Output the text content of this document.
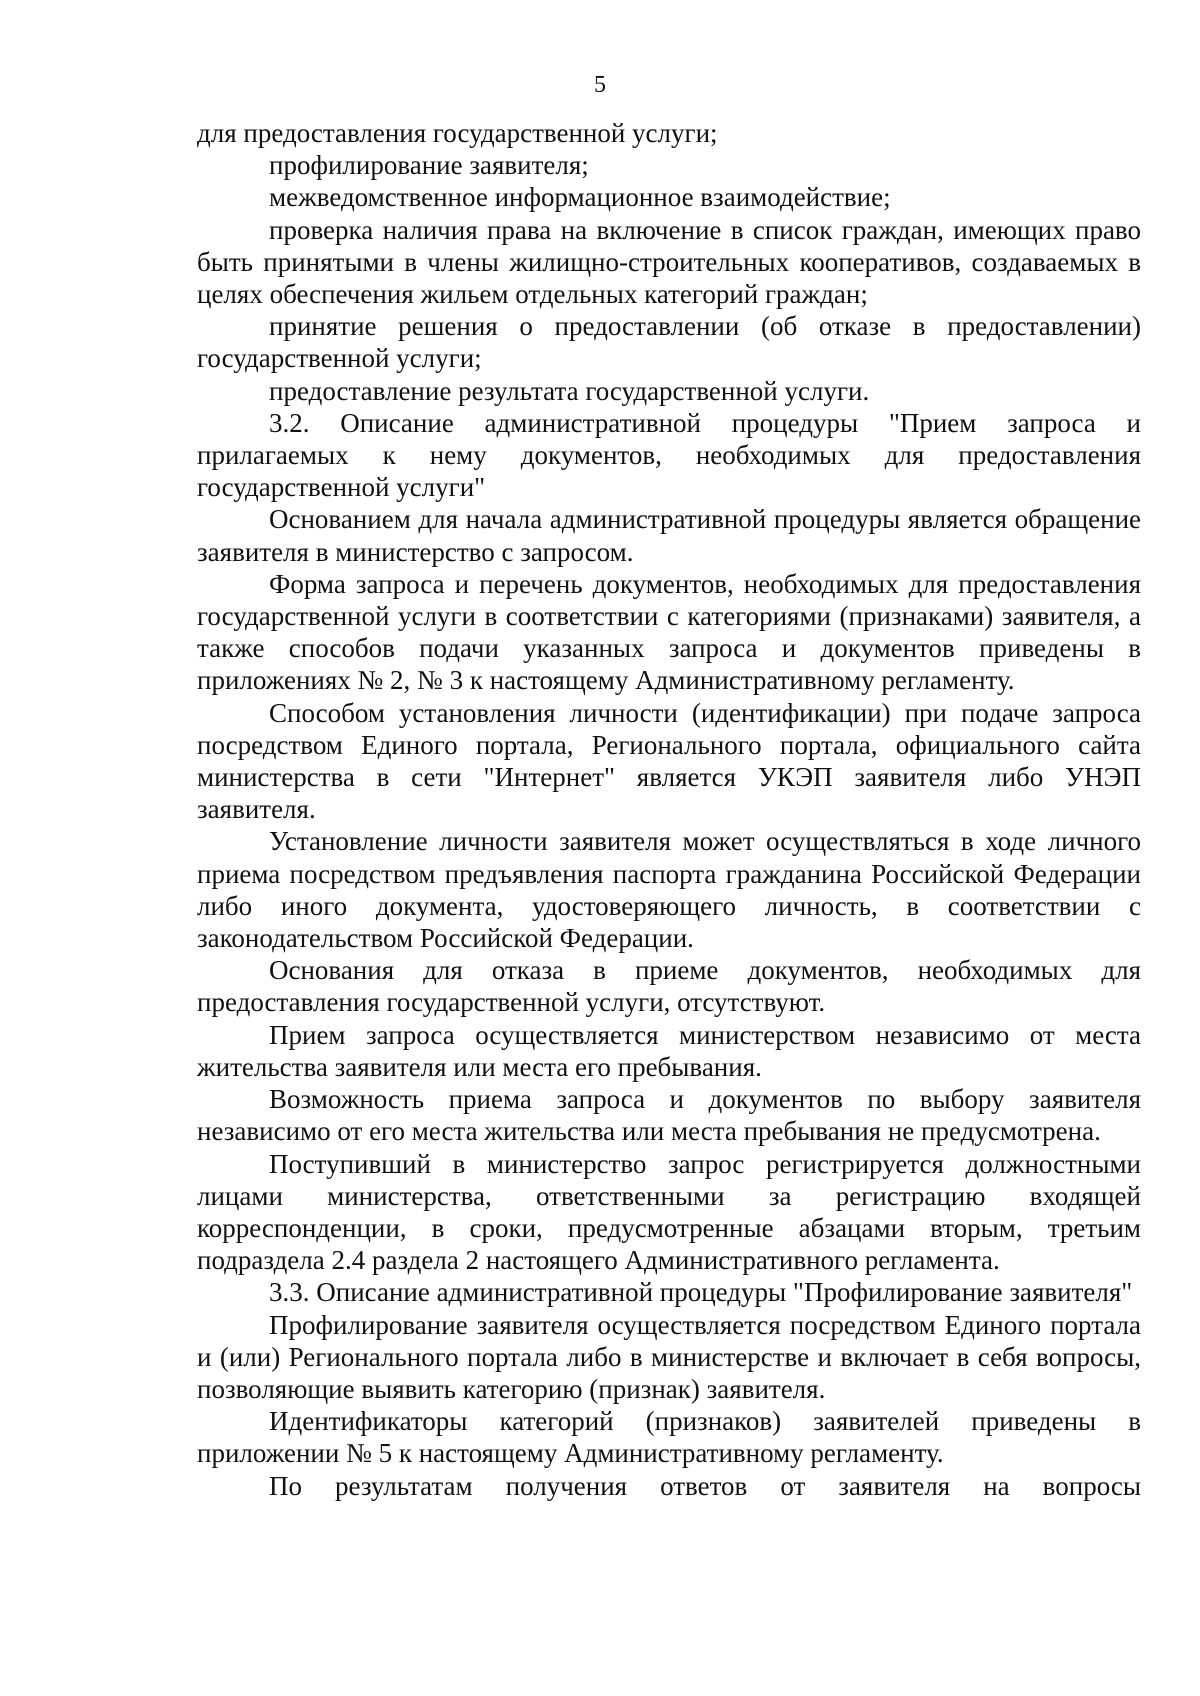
5

для предоставления государственной услуги;

профилирование заявителя;

межведомственное информационное взаимодействие;

проверка наличия права на включение в список граждан, имеющих право быть принятыми в члены жилищно-строительных кооперативов, создаваемых в целях обеспечения жильем отдельных категорий граждан;

принятие решения о предоставлении (об отказе в предоставлении) государственной услуги;

предоставление результата государственной услуги.

3.2. Описание административной процедуры "Прием запроса и прилагаемых к нему документов, необходимых для предоставления государственной услуги"

Основанием для начала административной процедуры является обращение заявителя в министерство с запросом.

Форма запроса и перечень документов, необходимых для предоставления государственной услуги в соответствии с категориями (признаками) заявителя, а также способов подачи указанных запроса и документов приведены в приложениях № 2, № 3 к настоящему Административному регламенту.

Способом установления личности (идентификации) при подаче запроса посредством Единого портала, Регионального портала, официального сайта министерства в сети "Интернет" является УКЭП заявителя либо УНЭП заявителя.

Установление личности заявителя может осуществляться в ходе личного приема посредством предъявления паспорта гражданина Российской Федерации либо иного документа, удостоверяющего личность, в соответствии с законодательством Российской Федерации.

Основания для отказа в приеме документов, необходимых для предоставления государственной услуги, отсутствуют.

Прием запроса осуществляется министерством независимо от места жительства заявителя или места его пребывания.

Возможность приема запроса и документов по выбору заявителя независимо от его места жительства или места пребывания не предусмотрена.

Поступивший в министерство запрос регистрируется должностными лицами министерства, ответственными за регистрацию входящей корреспонденции, в сроки, предусмотренные абзацами вторым, третьим подраздела 2.4 раздела 2 настоящего Административного регламента.

3.3. Описание административной процедуры "Профилирование заявителя"

Профилирование заявителя осуществляется посредством Единого портала и (или) Регионального портала либо в министерстве и включает в себя вопросы, позволяющие выявить категорию (признак) заявителя.

Идентификаторы категорий (признаков) заявителей приведены в приложении № 5 к настоящему Административному регламенту.

По результатам получения ответов от заявителя на вопросы
